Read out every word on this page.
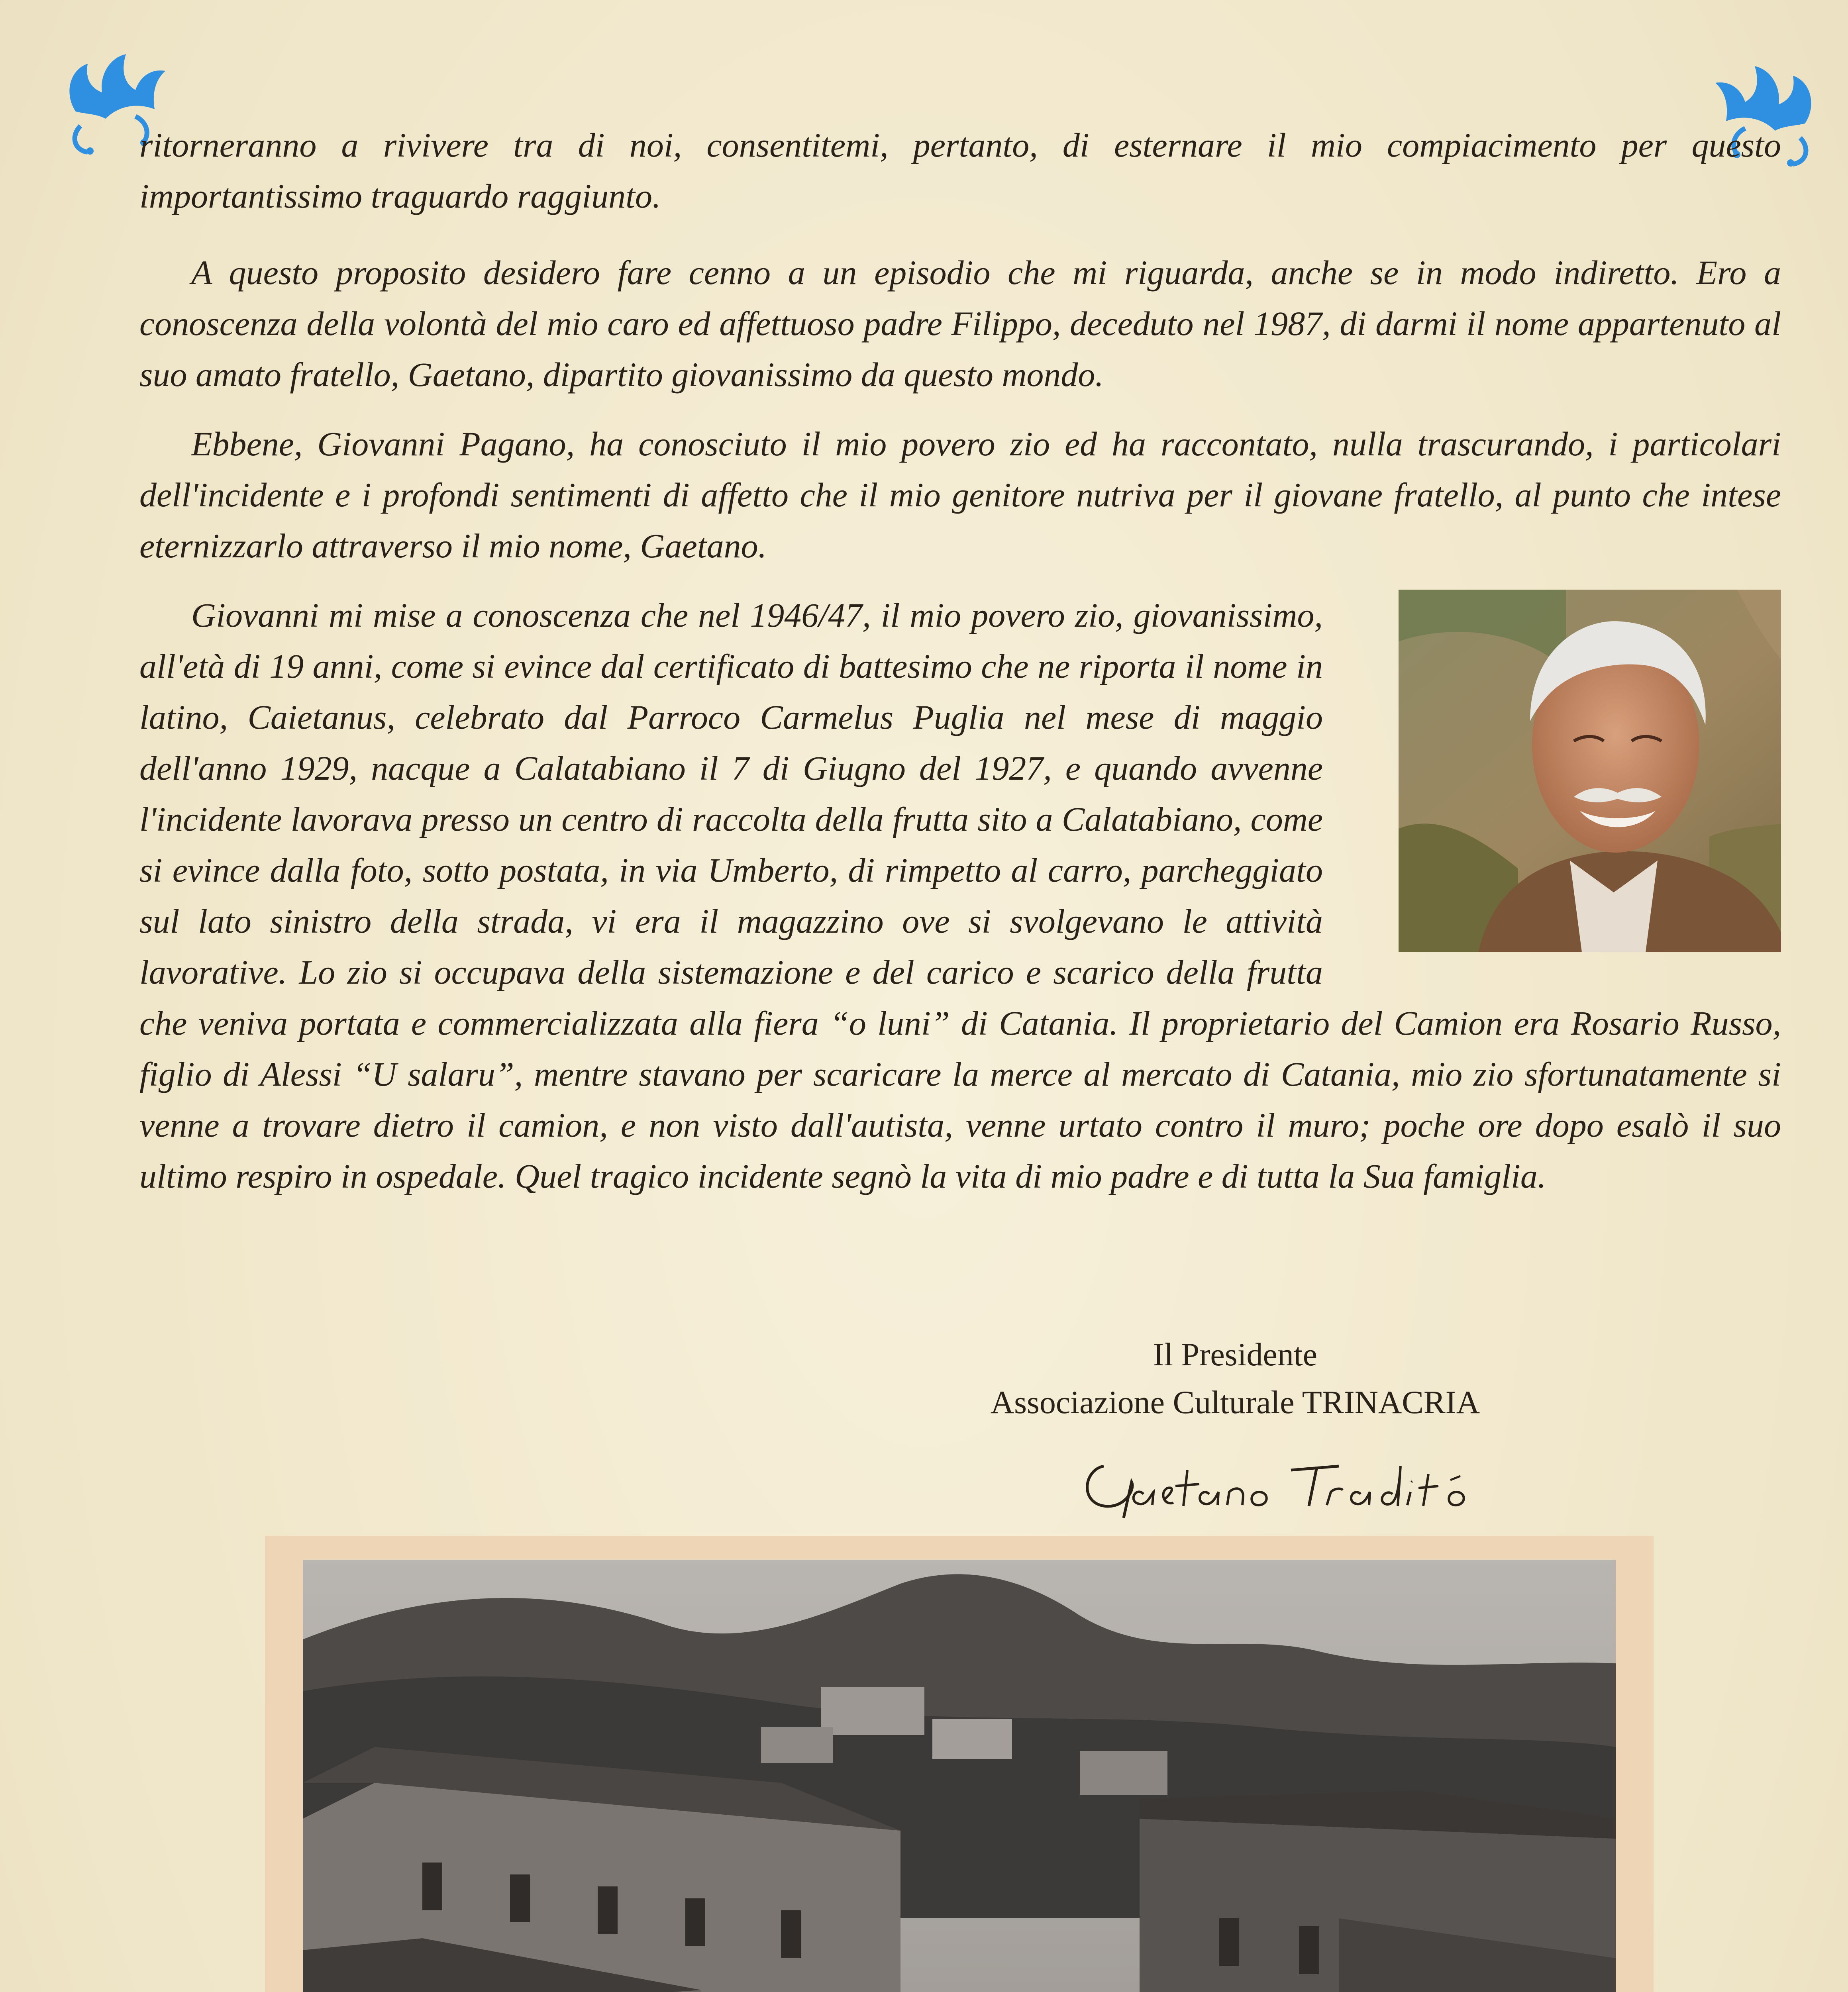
ritorneranno a rivivere tra di noi, consentitemi, pertanto, di esternare il mio compiacimento per questo importantissimo traguardo raggiunto.

A questo proposito desidero fare cenno a un episodio che mi riguarda, anche se in modo indiretto. Ero a conoscenza della volontà del mio caro ed affettuoso padre Filippo, deceduto nel 1987, di darmi il nome appartenuto al suo amato fratello, Gaetano, dipartito giovanissimo da questo mondo.

Ebbene, Giovanni Pagano, ha conosciuto il mio povero zio ed ha raccontato, nulla trascurando, i particolari dell'incidente e i profondi sentimenti di affetto che il mio genitore nutriva per il giovane fratello, al punto che intese eternizzarlo attraverso il mio nome, Gaetano.

Giovanni mi mise a conoscenza che nel 1946/47, il mio povero zio, giovanissimo, all'età di 19 anni, come si evince dal certificato di battesimo che ne riporta il nome in latino, Caietanus, celebrato dal Parroco Carmelus Puglia nel mese di maggio dell'anno 1929, nacque a Calatabiano il 7 di Giugno del 1927, e quando avvenne l'incidente lavorava presso un centro di raccolta della frutta sito a Calatabiano, come si evince dalla foto, sotto postata, in via Umberto, di rimpetto al carro, parcheggiato sul lato sinistro della strada, vi era il magazzino ove si svolgevano le attività lavorative. Lo zio si occupava della sistemazione e del carico e scarico della frutta che veniva portata e commercializzata alla fiera “o luni” di Catania. Il proprietario del Camion era Rosario Russo, figlio di Alessi “U salaru”, mentre stavano per scaricare la merce al mercato di Catania, mio zio sfortunatamente si venne a trovare dietro il camion, e non visto dall'autista, venne urtato contro il muro; poche ore dopo esalò il suo ultimo respiro in ospedale. Quel tragico incidente segnò la vita di mio padre e di tutta la Sua famiglia.
Il Presidente
Associazione Culturale TRINACRIA
